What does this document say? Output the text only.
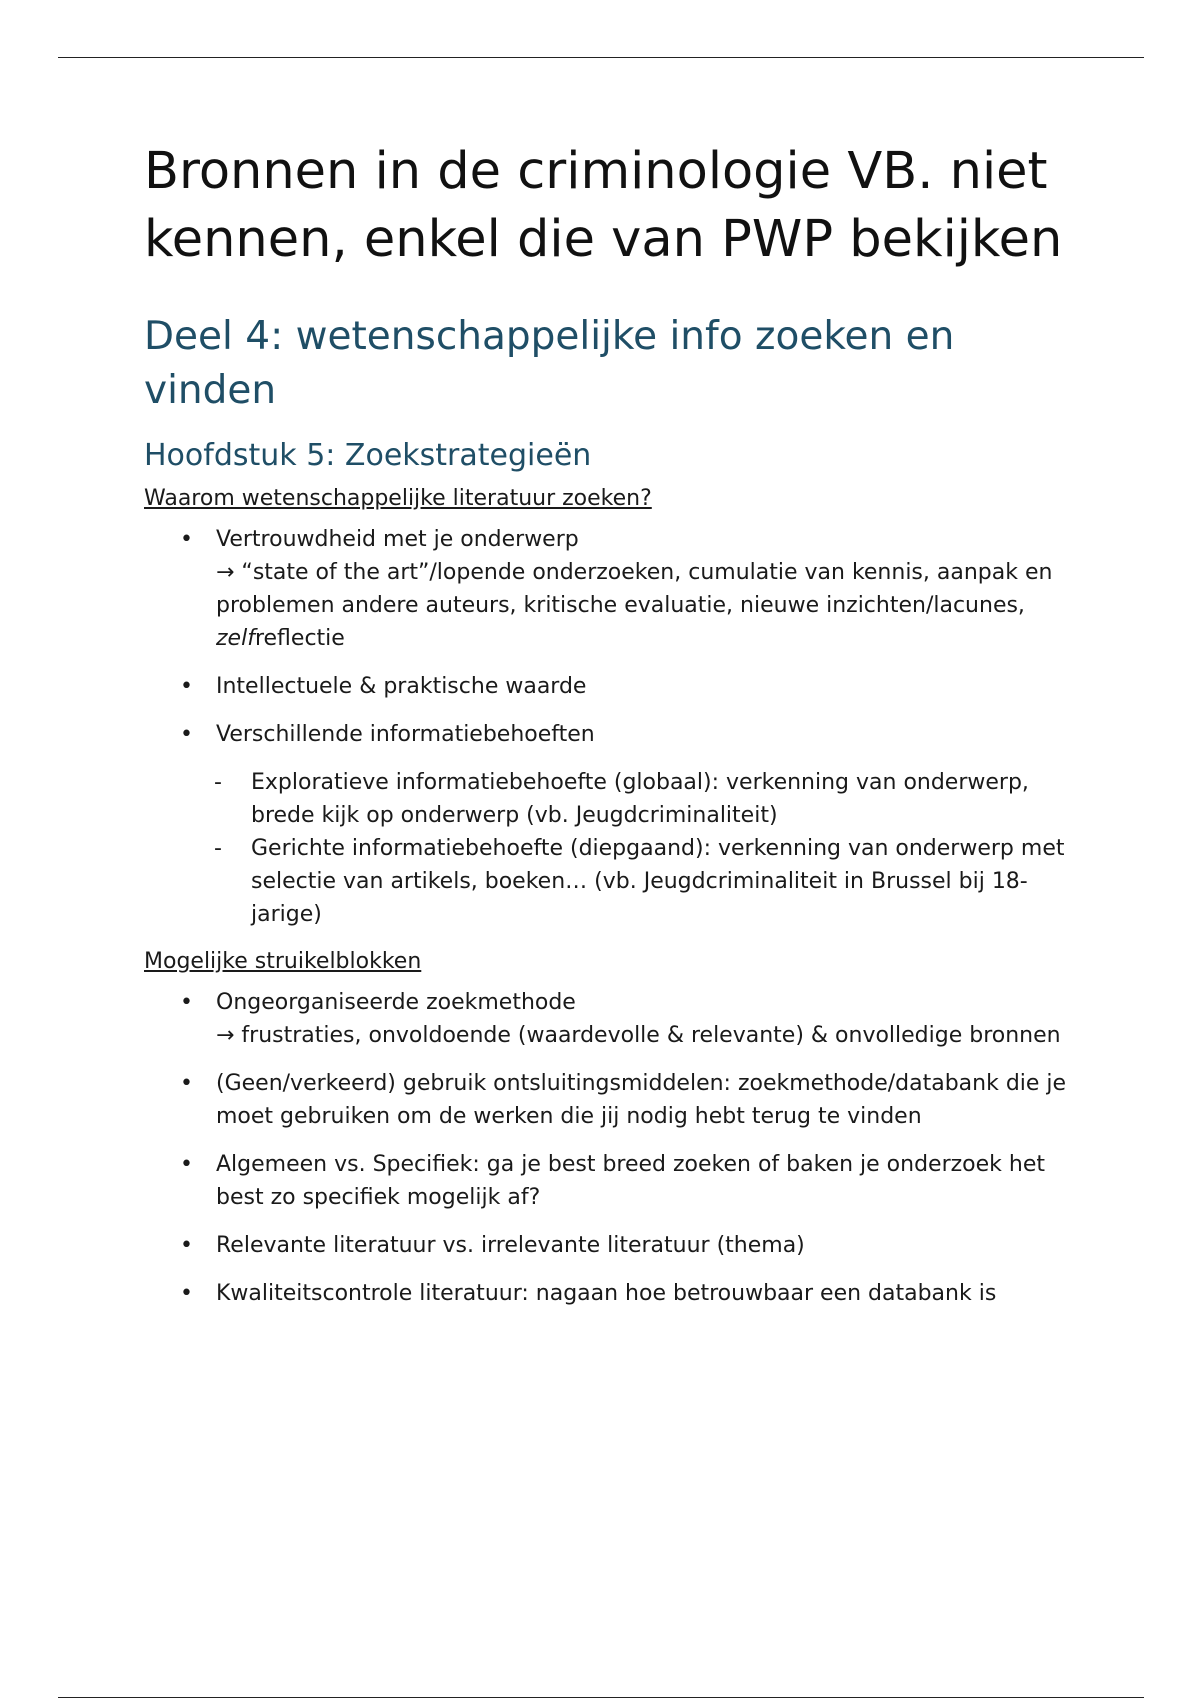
Bronnen in de criminologie VB. niet kennen, enkel die van PWP bekijken
Deel 4: wetenschappelijke info zoeken en vinden
Hoofdstuk 5: Zoekstrategieën
Waarom wetenschappelijke literatuur zoeken?
• Vertrouwdheid met je onderwerp
→ “state of the art”/lopende onderzoeken, cumulatie van kennis, aanpak en problemen andere auteurs, kritische evaluatie, nieuwe inzichten/lacunes, zelfreflectie
• Intellectuele & praktische waarde
• Verschillende informatiebehoeften
- Exploratieve informatiebehoefte (globaal): verkenning van onderwerp, brede kijk op onderwerp (vb. Jeugdcriminaliteit)
- Gerichte informatiebehoefte (diepgaand): verkenning van onderwerp met selectie van artikels, boeken… (vb. Jeugdcriminaliteit in Brussel bij 18-jarige)
Mogelijke struikelblokken
• Ongeorganiseerde zoekmethode
→ frustraties, onvoldoende (waardevolle & relevante) & onvolledige bronnen
• (Geen/verkeerd) gebruik ontsluitingsmiddelen: zoekmethode/databank die je moet gebruiken om de werken die jij nodig hebt terug te vinden
• Algemeen vs. Specifiek: ga je best breed zoeken of baken je onderzoek het best zo specifiek mogelijk af?
• Relevante literatuur vs. irrelevante literatuur (thema)
• Kwaliteitscontrole literatuur: nagaan hoe betrouwbaar een databank is
